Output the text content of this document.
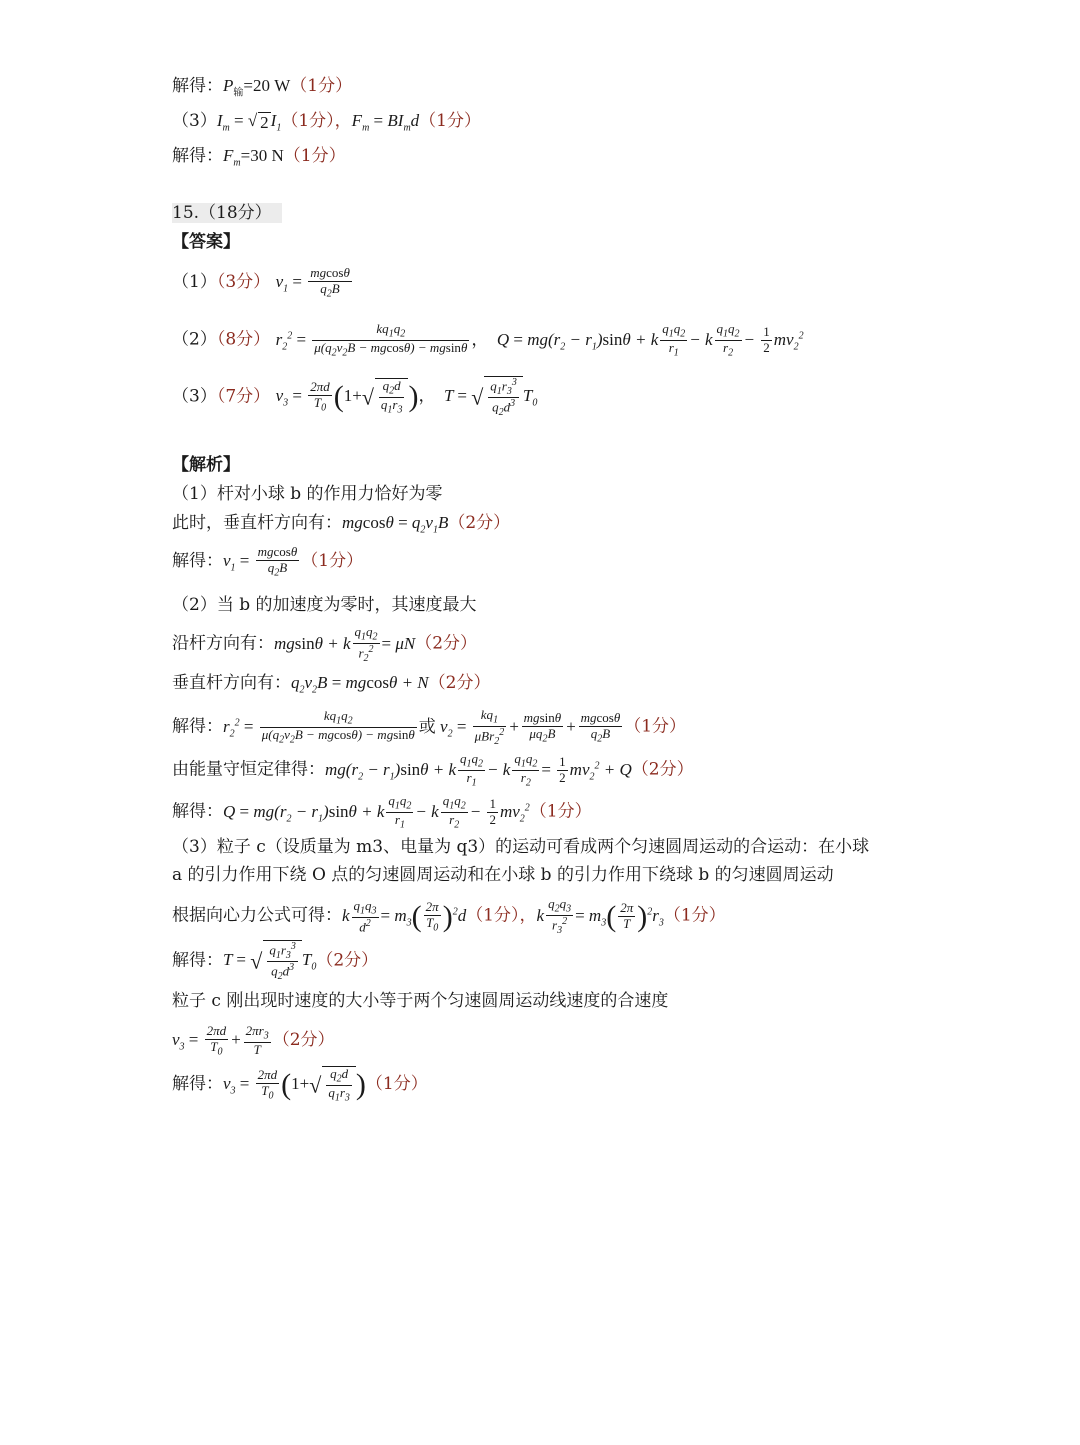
解得：$P_输=20$ W（1分）
$(3)I_m$ = √ 2 $I_1(1$分），$F_m = BI_md(1$分）
解得：$F_m=30$ N（1分）
15.（18分）
【答案】
（1）（3分） $v_1 = \frac{mgcos\theta}{q_2B}$
（2）（8分） $r_2^2 = \frac{kq_1q_2}{\mu(q_2v_2B - mgcos\theta) - mgsin\theta}$ ，  $Q = mg(r_2 - r_1)\sin\theta + k \frac{q_1q_2}{r_1} - k \frac{q_1q_2}{r_2} - \frac{1}{2} mv_2^2$
（3）（7分） $v_3 = \frac{2\pi d}{T_0} (1+√ \frac{q_2d}{q_1r_3}$ )，  T = √ $\frac{q_1r_3^3}{q_2d^3} T_0$
【解析】
（1）杆对小球 b 的作用力恰好为零
此时，垂直杆方向有：$mgcos\theta = q_2v_1B(2$分）
解得：$v_1 = \frac{mgcos\theta}{q_2B} (1$分）
（2）当 b 的加速度为零时，其速度最大
沿杆方向有：mgsinθ + k $\frac{q_1q_2}{r_2^2} = \mu N(2$分）
垂直杆方向有：$q_2v_2B = mgcos\theta + N(2$分）
解得：$r_2^2 = \frac{kq_1q_2}{\mu(q_2v_2B - mgcos\theta) - mgsin\theta}$ 或 $v_2 = \frac{kq_1}{\mu Br_2^2} + \frac{mgsin\theta}{\mu q_2B} + \frac{mgcos\theta}{q_2B} (1$分）
由能量守恒定律得：$mg(r_2 - r_1)\sin\theta + k \frac{q_1q_2}{r_1} - k \frac{q_1q_2}{r_2} = \frac{1}{2} mv_2^2 + Q(2$分）
解得：$Q = mg(r_2 - r_1)\sin\theta + k \frac{q_1q_2}{r_1} - k \frac{q_1q_2}{r_2} - \frac{1}{2} mv_2^2(1$分）
（3）粒子 c（设质量为 m3、电量为 q3）的运动可看成两个匀速圆周运动的合运动：在小球
a 的引力作用下绕 O 点的匀速圆周运动和在小球 b 的引力作用下绕球 b 的匀速圆周运动
根据向心力公式可得：k $\frac{q_1q_3}{d^2} = m_3( \frac{2\pi}{T_0} )^2d(1$分），k $\frac{q_2q_3}{r_3^2} = m_3( \frac{2\pi}{T} )^2r_3(1$分）
解得：T = √ $\frac{q_1r_3^3}{q_2d^3} T_0(2$分）
粒子 c 刚出现时速度的大小等于两个匀速圆周运动线速度的合速度
$v_3 = \frac{2\pi d}{T_0} + \frac{2\pi r_3}{T} (2$分）
解得：$v_3 = \frac{2\pi d}{T_0} (1+√ \frac{q_2d}{q_1r_3} )(1$分）
